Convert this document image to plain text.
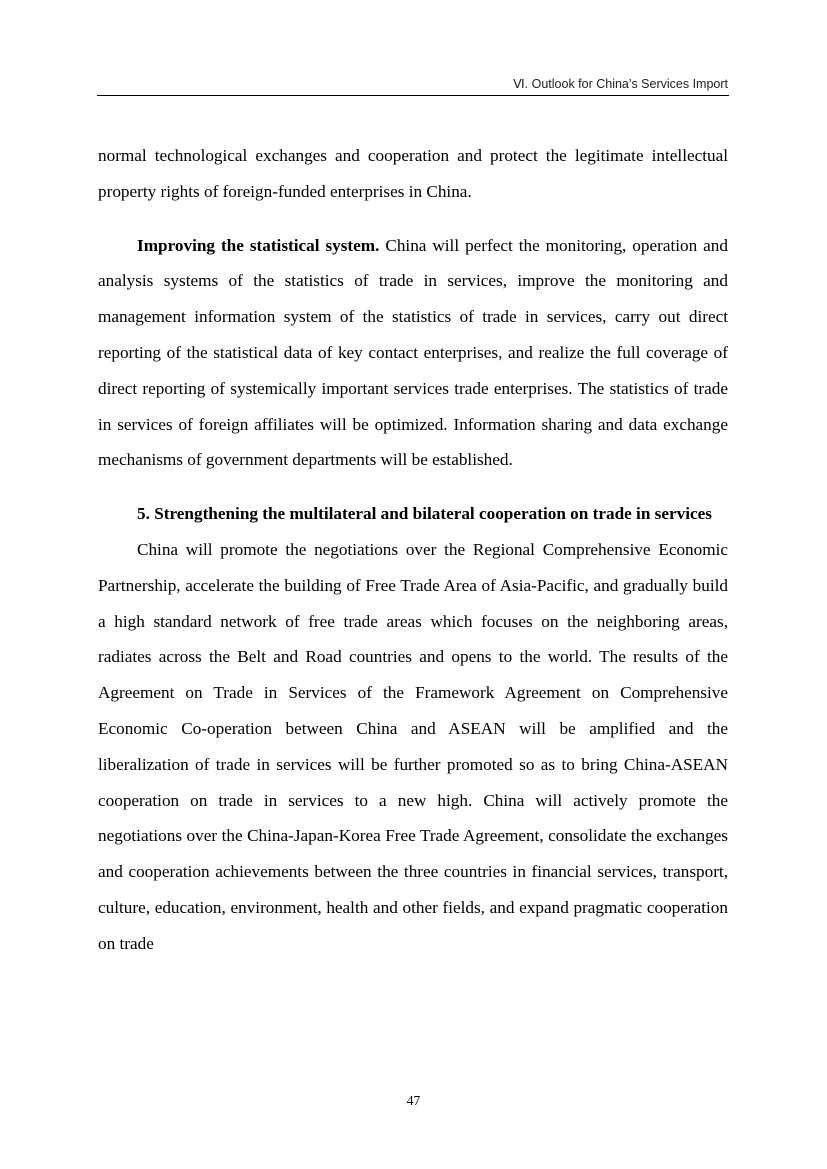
Ⅵ. Outlook for China’s Services Import

normal technological exchanges and cooperation and protect the legitimate intellectual property rights of foreign-funded enterprises in China.

Improving the statistical system. China will perfect the monitoring, operation and analysis systems of the statistics of trade in services, improve the monitoring and management information system of the statistics of trade in services, carry out direct reporting of the statistical data of key contact enterprises, and realize the full coverage of direct reporting of systemically important services trade enterprises. The statistics of trade in services of foreign affiliates will be optimized. Information sharing and data exchange mechanisms of government departments will be established.

5. Strengthening the multilateral and bilateral cooperation on trade in services

China will promote the negotiations over the Regional Comprehensive Economic Partnership, accelerate the building of Free Trade Area of Asia-Pacific, and gradually build a high standard network of free trade areas which focuses on the neighboring areas, radiates across the Belt and Road countries and opens to the world. The results of the Agreement on Trade in Services of the Framework Agreement on Comprehensive Economic Co-operation between China and ASEAN will be amplified and the liberalization of trade in services will be further promoted so as to bring China-ASEAN cooperation on trade in services to a new high. China will actively promote the negotiations over the China-Japan-Korea Free Trade Agreement, consolidate the exchanges and cooperation achievements between the three countries in financial services, transport, culture, education, environment, health and other fields, and expand pragmatic cooperation on trade

47
